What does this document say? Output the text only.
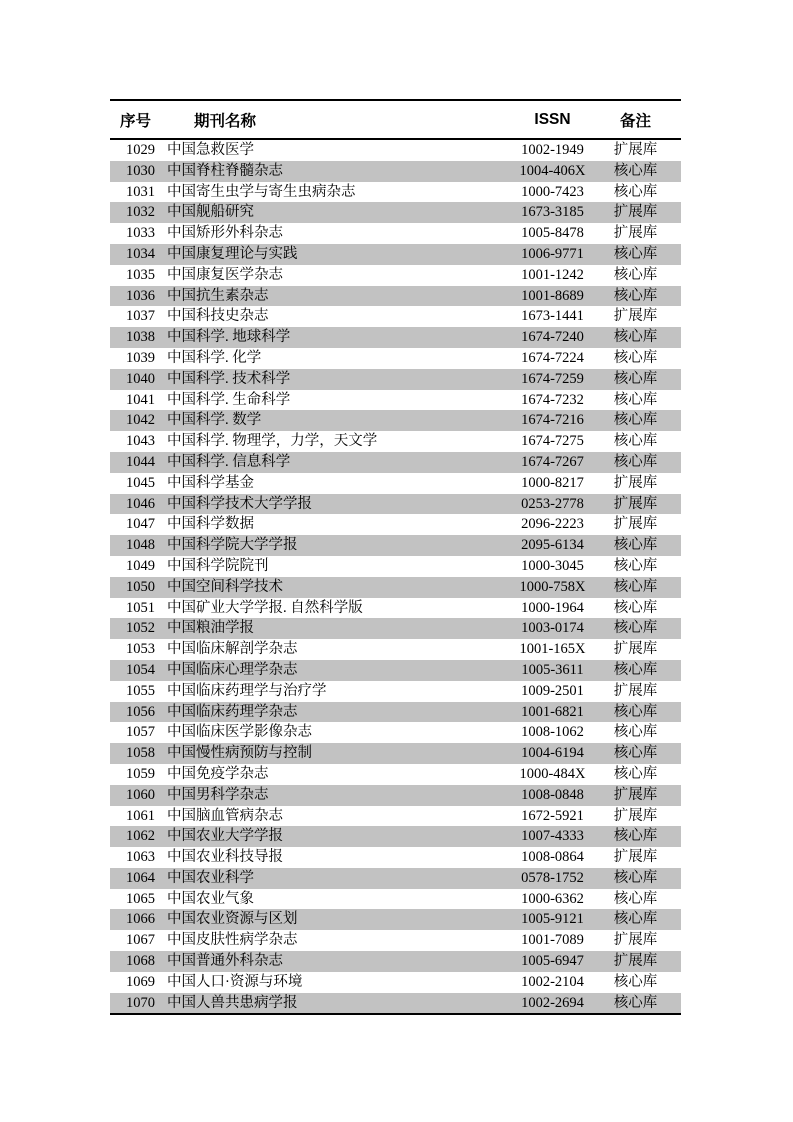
序号	期刊名称	ISSN	备注
1029 中国急救医学	1002-1949	扩展库
1030 中国脊柱脊髓杂志	1004-406X	核心库
1031 中国寄生虫学与寄生虫病杂志	1000-7423	核心库
1032 中国舰船研究	1673-3185	扩展库
1033 中国矫形外科杂志	1005-8478	扩展库
1034 中国康复理论与实践	1006-9771	核心库
1035 中国康复医学杂志	1001-1242	核心库
1036 中国抗生素杂志	1001-8689	核心库
1037 中国科技史杂志	1673-1441	扩展库
1038 中国科学. 地球科学	1674-7240	核心库
1039 中国科学. 化学	1674-7224	核心库
1040 中国科学. 技术科学	1674-7259	核心库
1041 中国科学. 生命科学	1674-7232	核心库
1042 中国科学. 数学	1674-7216	核心库
1043 中国科学. 物理学，力学，天文学	1674-7275	核心库
1044 中国科学. 信息科学	1674-7267	核心库
1045 中国科学基金	1000-8217	扩展库
1046 中国科学技术大学学报	0253-2778	扩展库
1047 中国科学数据	2096-2223	扩展库
1048 中国科学院大学学报	2095-6134	核心库
1049 中国科学院院刊	1000-3045	核心库
1050 中国空间科学技术	1000-758X	核心库
1051 中国矿业大学学报. 自然科学版	1000-1964	核心库
1052 中国粮油学报	1003-0174	核心库
1053 中国临床解剖学杂志	1001-165X	扩展库
1054 中国临床心理学杂志	1005-3611	核心库
1055 中国临床药理学与治疗学	1009-2501	扩展库
1056 中国临床药理学杂志	1001-6821	核心库
1057 中国临床医学影像杂志	1008-1062	核心库
1058 中国慢性病预防与控制	1004-6194	核心库
1059 中国免疫学杂志	1000-484X	核心库
1060 中国男科学杂志	1008-0848	扩展库
1061 中国脑血管病杂志	1672-5921	扩展库
1062 中国农业大学学报	1007-4333	核心库
1063 中国农业科技导报	1008-0864	扩展库
1064 中国农业科学	0578-1752	核心库
1065 中国农业气象	1000-6362	核心库
1066 中国农业资源与区划	1005-9121	核心库
1067 中国皮肤性病学杂志	1001-7089	扩展库
1068 中国普通外科杂志	1005-6947	扩展库
1069 中国人口·资源与环境	1002-2104	核心库
1070 中国人兽共患病学报	1002-2694	核心库
